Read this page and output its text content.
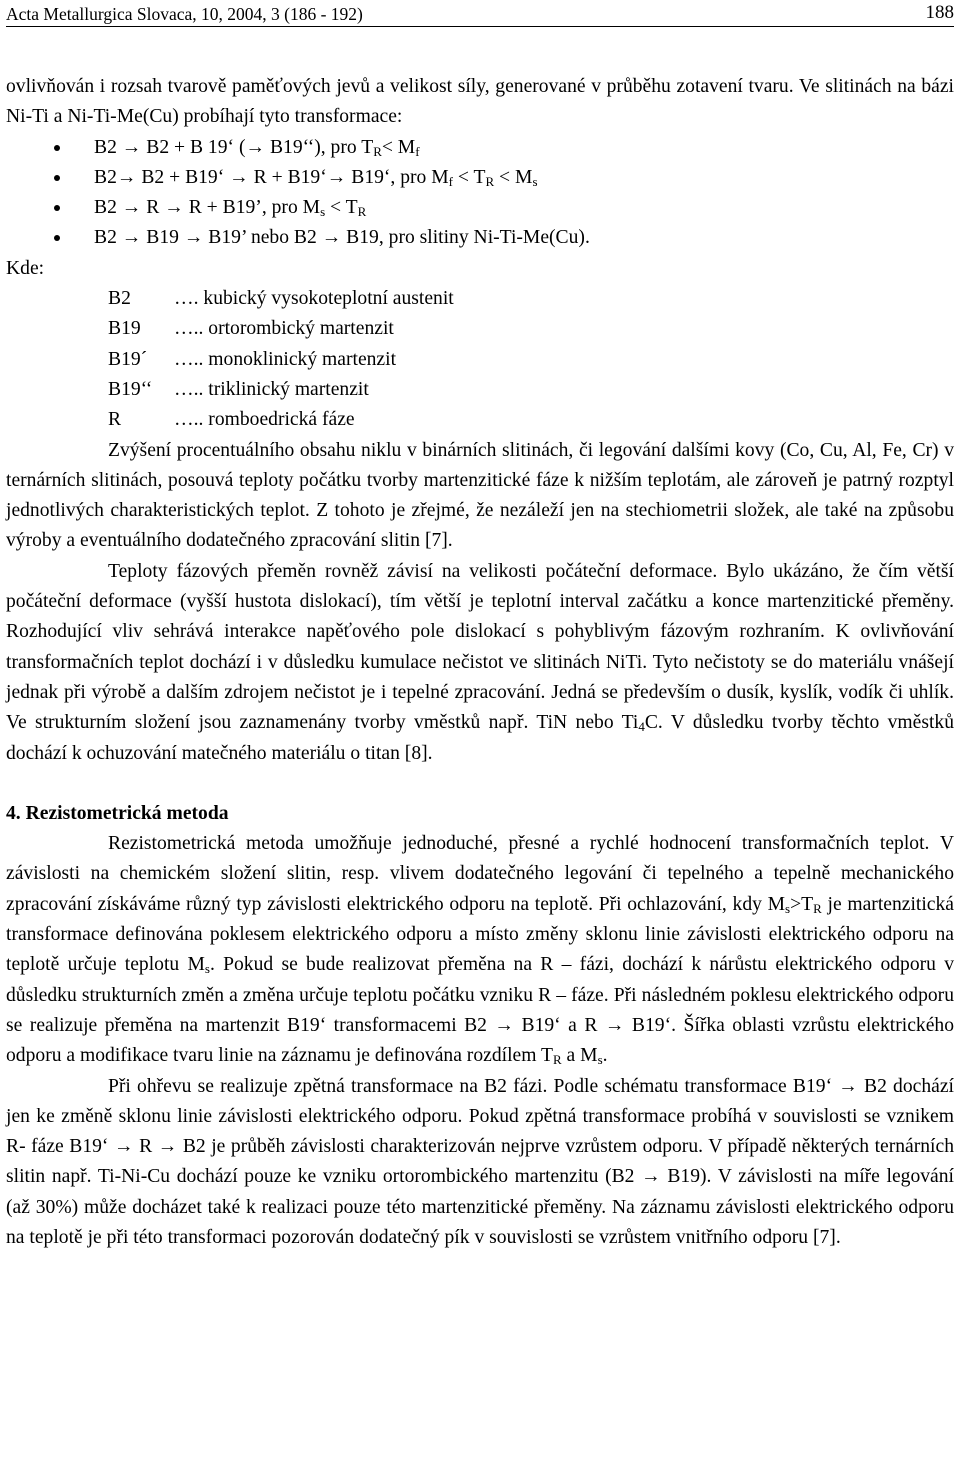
Acta Metallurgica Slovaca, 10, 2004, 3 (186 - 192)	188

ovlivňován i rozsah tvarově paměťových jevů a velikost síly, generované v průběhu zotavení tvaru. Ve slitinách na bázi Ni-Ti a Ni-Ti-Me(Cu) probíhají tyto transformace:

B2 → B2 + B 19‘ (→ B19‘‘), pro $T_R< M_f$
B2→ B2 + B19‘ → R + B19‘→ B19‘, pro $M_f < T_R < M_s$
B2 → R → R + B19’, pro $M_s < T_R$
B2 → B19 → B19’ nebo B2 → B19, pro slitiny Ni-Ti-Me(Cu).

Kde:

B2	…. kubický vysokoteplotní austenit
B19	….. ortorombický martenzit
B19´	….. monoklinický martenzit
B19‘‘	….. triklinický martenzit
R	….. romboedrická fáze

Zvýšení procentuálního obsahu niklu v binárních slitinách, či legování dalšími kovy (Co, Cu, Al, Fe, Cr) v ternárních slitinách, posouvá teploty počátku tvorby martenzitické fáze k nižším teplotám, ale zároveň je patrný rozptyl jednotlivých charakteristických teplot. Z tohoto je zřejmé, že nezáleží jen na stechiometrii složek, ale také na způsobu výroby a eventuálního dodatečného zpracování slitin [7].

Teploty fázových přeměn rovněž závisí na velikosti počáteční deformace. Bylo ukázáno, že čím větší počáteční deformace (vyšší hustota dislokací), tím větší je teplotní interval začátku a konce martenzitické přeměny. Rozhodující vliv sehrává interakce napěťového pole dislokací s pohyblivým fázovým rozhraním. K ovlivňování transformačních teplot dochází i v důsledku kumulace nečistot ve slitinách NiTi. Tyto nečistoty se do materiálu vnášejí jednak při výrobě a dalším zdrojem nečistot je i tepelné zpracování. Jedná se především o dusík, kyslík, vodík či uhlík. Ve strukturním složení jsou zaznamenány tvorby vměstků např. TiN nebo $Ti_4C$. V důsledku tvorby těchto vměstků dochází k ochuzování matečného materiálu o titan [8].

4. Rezistometrická metoda

Rezistometrická metoda umožňuje jednoduché, přesné a rychlé hodnocení transformačních teplot. V závislosti na chemickém složení slitin, resp. vlivem dodatečného legování či tepelného a tepelně mechanického zpracování získáváme různý typ závislosti elektrického odporu na teplotě. Při ochlazování, kdy $M_s>T_R$ je martenzitická transformace definována poklesem elektrického odporu a místo změny sklonu linie závislosti elektrického odporu na teplotě určuje teplotu $M_s$. Pokud se bude realizovat přeměna na R – fázi, dochází k nárůstu elektrického odporu v důsledku strukturních změn a změna určuje teplotu počátku vzniku R – fáze. Při následném poklesu elektrického odporu se realizuje přeměna na martenzit B19‘ transformacemi B2 → B19‘ a R → B19‘. Šířka oblasti vzrůstu elektrického odporu a modifikace tvaru linie na záznamu je definována rozdílem $T_R$ a $M_s$.

Při ohřevu se realizuje zpětná transformace na B2 fázi. Podle schématu transformace B19‘ → B2 dochází jen ke změně sklonu linie závislosti elektrického odporu. Pokud zpětná transformace probíhá v souvislosti se vznikem R- fáze B19‘ → R → B2 je průběh závislosti charakterizován nejprve vzrůstem odporu. V případě některých ternárních slitin např. Ti-Ni-Cu dochází pouze ke vzniku ortorombického martenzitu (B2 → B19). V závislosti na míře legování (až 30%) může docházet také k realizaci pouze této martenzitické přeměny. Na záznamu závislosti elektrického odporu na teplotě je při této transformaci pozorován dodatečný pík v souvislosti se vzrůstem vnitřního odporu [7].
